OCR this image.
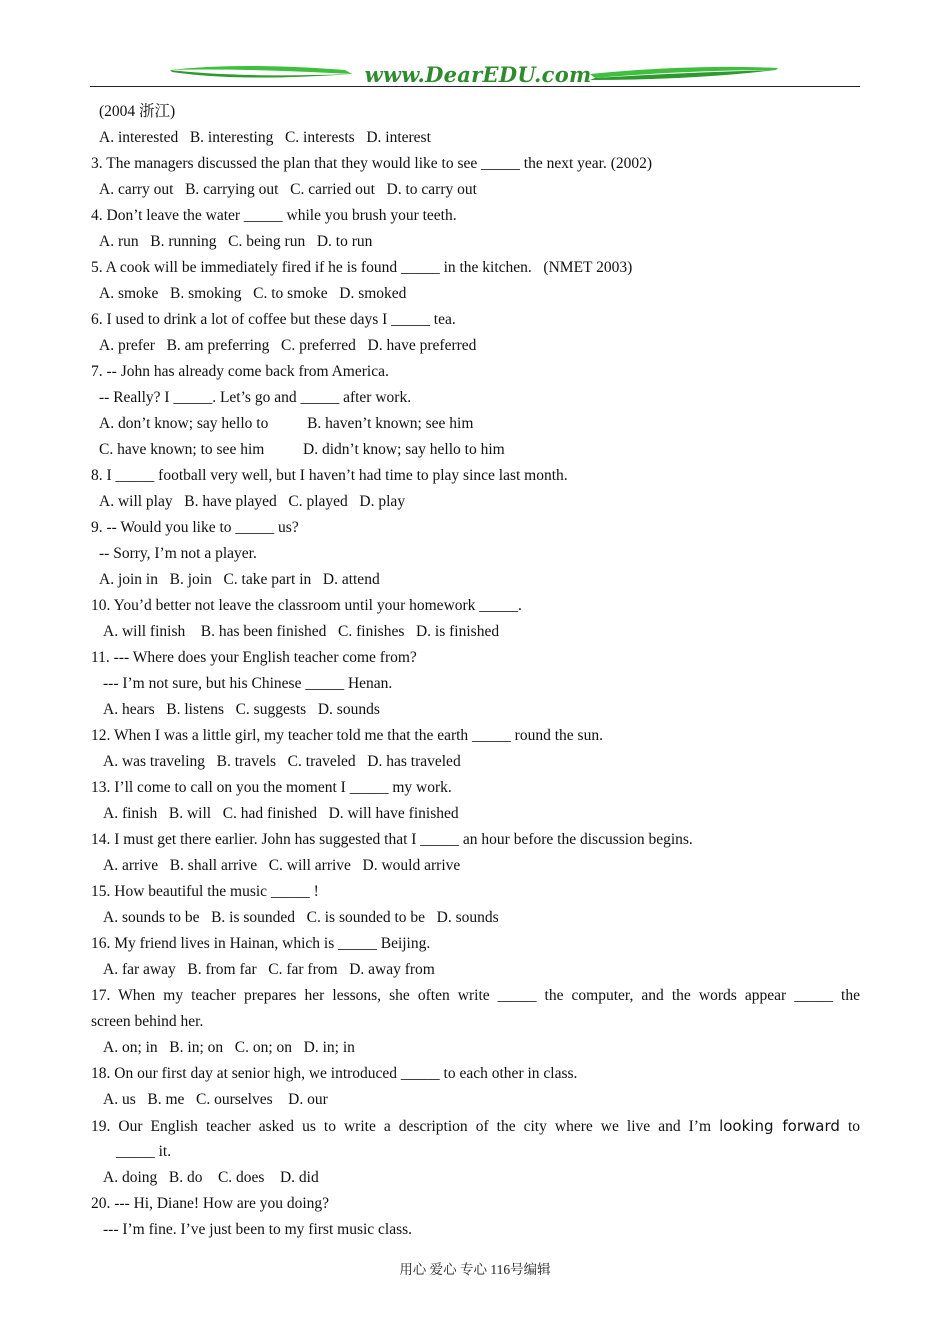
www.DearEDU.com
(2004 浙江)
A. interested   B. interesting   C. interests   D. interest
3. The managers discussed the plan that they would like to see _____ the next year. (2002)
A. carry out   B. carrying out   C. carried out   D. to carry out
4. Don’t leave the water _____ while you brush your teeth.
A. run   B. running   C. being run   D. to run
5. A cook will be immediately fired if he is found _____ in the kitchen.   (NMET 2003)
A. smoke   B. smoking   C. to smoke   D. smoked
6. I used to drink a lot of coffee but these days I _____ tea.
A. prefer   B. am preferring   C. preferred   D. have preferred
7. -- John has already come back from America.
-- Really? I _____. Let’s go and _____ after work.
A. don’t know; say hello to          B. haven’t known; see him
C. have known; to see him          D. didn’t know; say hello to him
8. I _____ football very well, but I haven’t had time to play since last month.
A. will play   B. have played   C. played   D. play
9. -- Would you like to _____ us?
-- Sorry, I’m not a player.
A. join in   B. join   C. take part in   D. attend
10. You’d better not leave the classroom until your homework _____.
A. will finish    B. has been finished   C. finishes   D. is finished
11. --- Where does your English teacher come from?
--- I’m not sure, but his Chinese _____ Henan.
A. hears   B. listens   C. suggests   D. sounds
12. When I was a little girl, my teacher told me that the earth _____ round the sun.
A. was traveling   B. travels   C. traveled   D. has traveled
13. I’ll come to call on you the moment I _____ my work.
A. finish   B. will   C. had finished   D. will have finished
14. I must get there earlier. John has suggested that I _____ an hour before the discussion begins.
A. arrive   B. shall arrive   C. will arrive   D. would arrive
15. How beautiful the music _____ !
A. sounds to be   B. is sounded   C. is sounded to be   D. sounds
16. My friend lives in Hainan, which is _____ Beijing.
A. far away   B. from far   C. far from   D. away from
17. When my teacher prepares her lessons, she often write _____ the computer, and the words appear _____ the
screen behind her.
A. on; in   B. in; on   C. on; on   D. in; in
18. On our first day at senior high, we introduced _____ to each other in class.
A. us   B. me   C. ourselves    D. our
19. Our English teacher asked us to write a description of the city where we live and I’m looking forward to
_____ it.
A. doing   B. do    C. does    D. did
20. --- Hi, Diane! How are you doing?
--- I’m fine. I’ve just been to my first music class.
用心 爱心 专心 116号编辑
